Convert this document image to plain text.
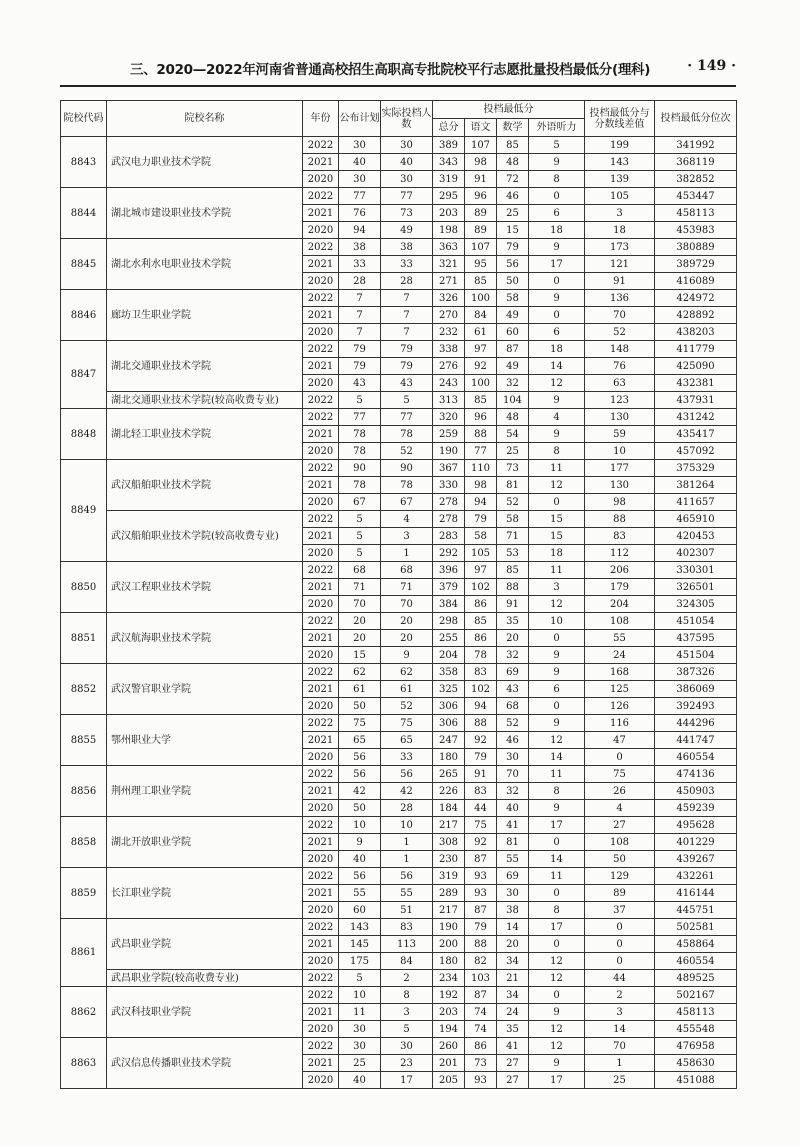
三、2020—2022年河南省普通高校招生高职高专批院校平行志愿批量投档最低分(理科)	· 149 ·
院校代码	院校名称	年份	公布计划	实际投档人数	投档最低分				投档最低分与分数线差值	投档最低分位次
					总分	语文	数学	外语听力		
8843	武汉电力职业技术学院	2022	30	30	389	107	85	5	199	341992
		2021	40	40	343	98	48	9	143	368119
		2020	30	30	319	91	72	8	139	382852
8844	湖北城市建设职业技术学院	2022	77	77	295	96	46	0	105	453447
		2021	76	73	203	89	25	6	3	458113
		2020	94	49	198	89	15	18	18	453983
8845	湖北水利水电职业技术学院	2022	38	38	363	107	79	9	173	380889
		2021	33	33	321	95	56	17	121	389729
		2020	28	28	271	85	50	0	91	416089
8846	廊坊卫生职业学院	2022	7	7	326	100	58	9	136	424972
		2021	7	7	270	84	49	0	70	428892
		2020	7	7	232	61	60	6	52	438203
8847	湖北交通职业技术学院	2022	79	79	338	97	87	18	148	411779
		2021	79	79	276	92	49	14	76	425090
		2020	43	43	243	100	32	12	63	432381
	湖北交通职业技术学院(较高收费专业)	2022	5	5	313	85	104	9	123	437931
8848	湖北轻工职业技术学院	2022	77	77	320	96	48	4	130	431242
		2021	78	78	259	88	54	9	59	435417
		2020	78	52	190	77	25	8	10	457092
8849	武汉船舶职业技术学院	2022	90	90	367	110	73	11	177	375329
		2021	78	78	330	98	81	12	130	381264
		2020	67	67	278	94	52	0	98	411657
	武汉船舶职业技术学院(较高收费专业)	2022	5	4	278	79	58	15	88	465910
		2021	5	3	283	58	71	15	83	420453
		2020	5	1	292	105	53	18	112	402307
8850	武汉工程职业技术学院	2022	68	68	396	97	85	11	206	330301
		2021	71	71	379	102	88	3	179	326501
		2020	70	70	384	86	91	12	204	324305
8851	武汉航海职业技术学院	2022	20	20	298	85	35	10	108	451054
		2021	20	20	255	86	20	0	55	437595
		2020	15	9	204	78	32	9	24	451504
8852	武汉警官职业学院	2022	62	62	358	83	69	9	168	387326
		2021	61	61	325	102	43	6	125	386069
		2020	50	52	306	94	68	0	126	392493
8855	鄂州职业大学	2022	75	75	306	88	52	9	116	444296
		2021	65	65	247	92	46	12	47	441747
		2020	56	33	180	79	30	14	0	460554
8856	荆州理工职业学院	2022	56	56	265	91	70	11	75	474136
		2021	42	42	226	83	32	8	26	450903
		2020	50	28	184	44	40	9	4	459239
8858	湖北开放职业学院	2022	10	10	217	75	41	17	27	495628
		2021	9	1	308	92	81	0	108	401229
		2020	40	1	230	87	55	14	50	439267
8859	长江职业学院	2022	56	56	319	93	69	11	129	432261
		2021	55	55	289	93	30	0	89	416144
		2020	60	51	217	87	38	8	37	445751
8861	武昌职业学院	2022	143	83	190	79	14	17	0	502581
		2021	145	113	200	88	20	0	0	458864
		2020	175	84	180	82	34	12	0	460554
	武昌职业学院(较高收费专业)	2022	5	2	234	103	21	12	44	489525
8862	武汉科技职业学院	2022	10	8	192	87	34	0	2	502167
		2021	11	3	203	74	24	9	3	458113
		2020	30	5	194	74	35	12	14	455548
8863	武汉信息传播职业技术学院	2022	30	30	260	86	41	12	70	476958
		2021	25	23	201	73	27	9	1	458630
		2020	40	17	205	93	27	17	25	451088
